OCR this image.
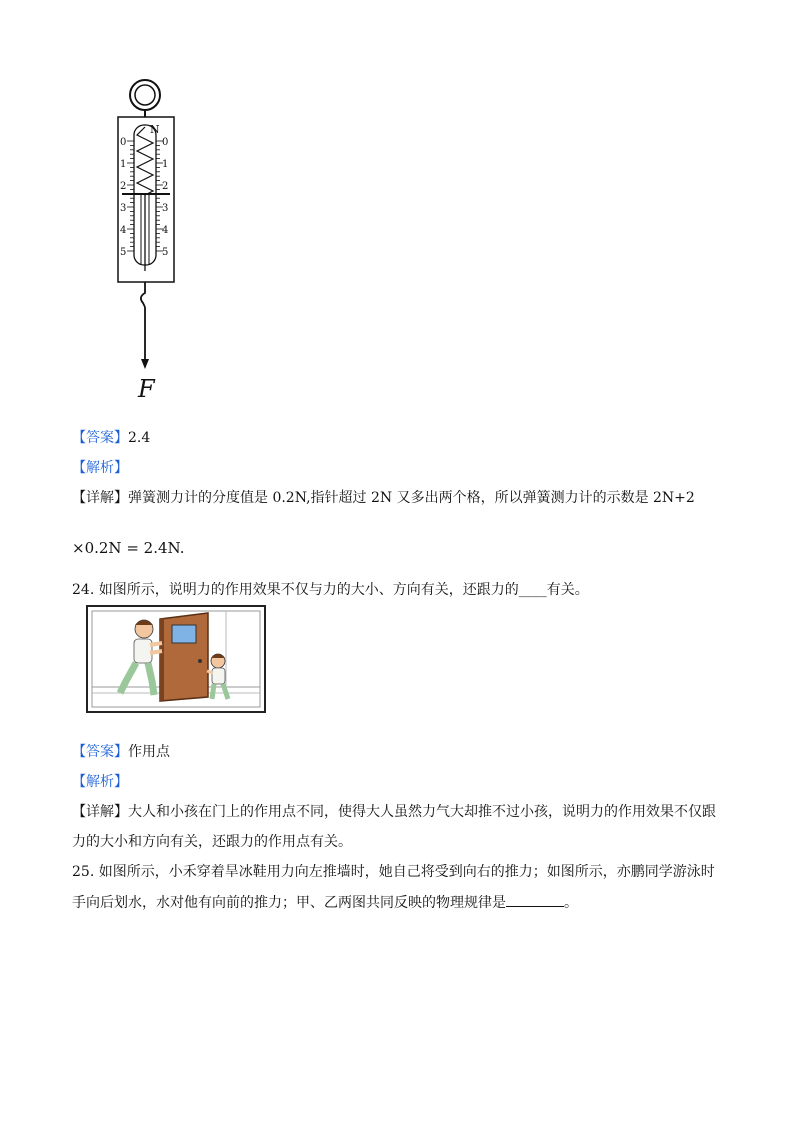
0
1
2
3
4
5
0
1
2
3
4
5
N
F
【答案】2.4
【解析】
【详解】弹簧测力计的分度值是 0.2N,指针超过 2N 又多出两个格，所以弹簧测力计的示数是 2N+2
×0.2N = 2.4N.
24. 如图所示，说明力的作用效果不仅与力的大小、方向有关，还跟力的____有关。
【答案】作用点
【解析】
【详解】大人和小孩在门上的作用点不同，使得大人虽然力气大却推不过小孩，说明力的作用效果不仅跟
力的大小和方向有关，还跟力的作用点有关。
25. 如图所示，小禾穿着旱冰鞋用力向左推墙时，她自己将受到向右的推力；如图所示，亦鹏同学游泳时
手向后划水，水对他有向前的推力；甲、乙两图共同反映的物理规律是	。
